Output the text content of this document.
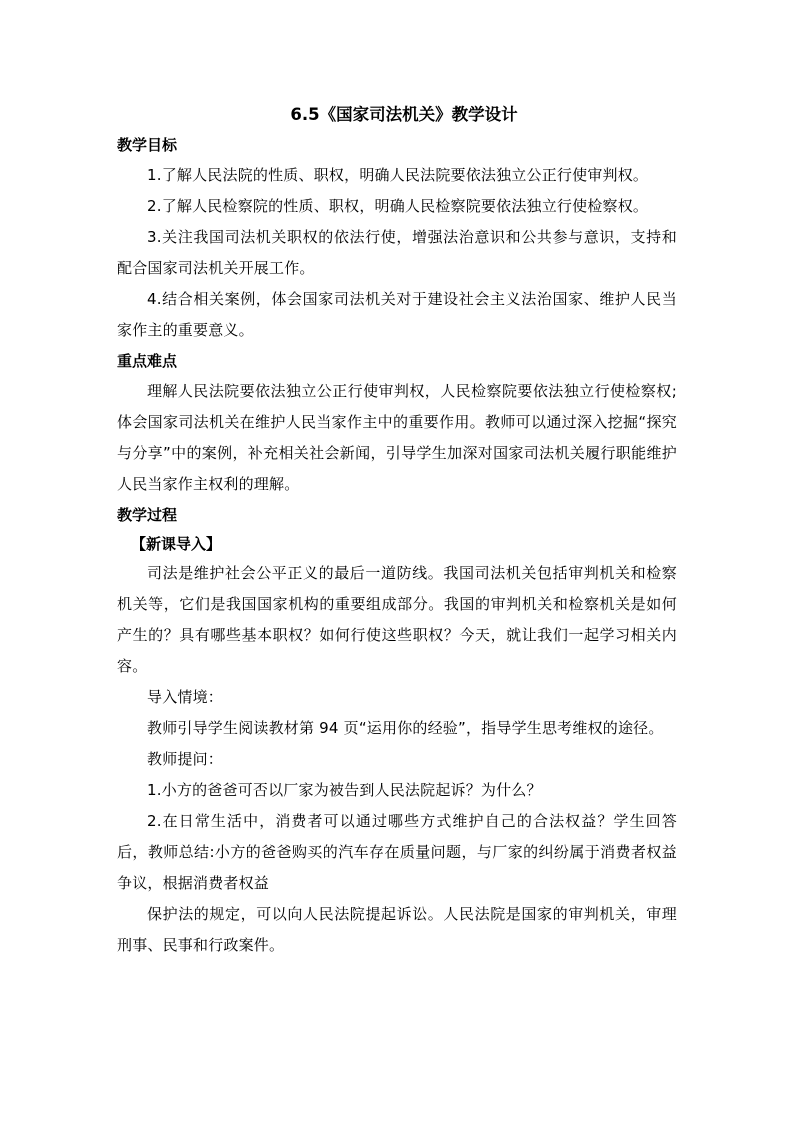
6.5《国家司法机关》教学设计
教学目标

1.了解人民法院的性质、职权，明确人民法院要依法独立公正行使审判权。

2.了解人民检察院的性质、职权，明确人民检察院要依法独立行使检察权。

3.关注我国司法机关职权的依法行使，增强法治意识和公共参与意识，支持和配合国家司法机关开展工作。

4.结合相关案例，体会国家司法机关对于建设社会主义法治国家、维护人民当家作主的重要意义。

重点难点

理解人民法院要依法独立公正行使审判权，人民检察院要依法独立行使检察权;体会国家司法机关在维护人民当家作主中的重要作用。教师可以通过深入挖掘“探究与分享”中的案例，补充相关社会新闻，引导学生加深对国家司法机关履行职能维护人民当家作主权利的理解。

教学过程
【新课导入】

司法是维护社会公平正义的最后一道防线。我国司法机关包括审判机关和检察机关等，它们是我国国家机构的重要组成部分。我国的审判机关和检察机关是如何产生的？具有哪些基本职权？如何行使这些职权？今天，就让我们一起学习相关内容。

导入情境：

教师引导学生阅读教材第 94 页“运用你的经验”，指导学生思考维权的途径。

教师提问：

1.小方的爸爸可否以厂家为被告到人民法院起诉？为什么？

2.在日常生活中，消费者可以通过哪些方式维护自己的合法权益？学生回答后，教师总结:小方的爸爸购买的汽车存在质量问题，与厂家的纠纷属于消费者权益争议，根据消费者权益

保护法的规定，可以向人民法院提起诉讼。人民法院是国家的审判机关，审理刑事、民事和行政案件。
